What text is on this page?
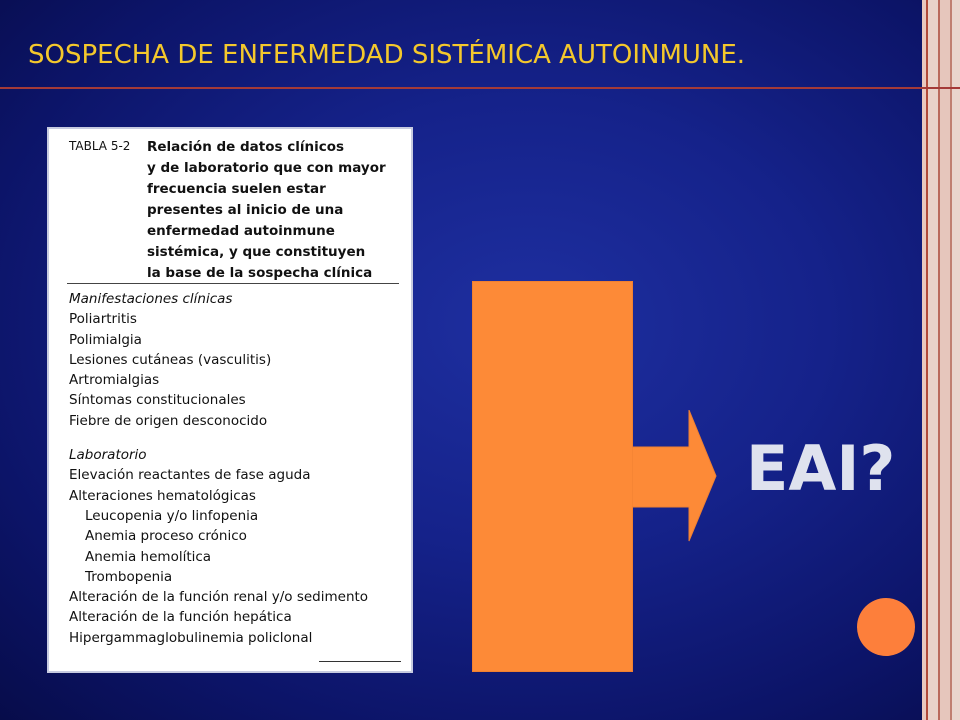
SOSPECHA DE ENFERMEDAD SISTÉMICA AUTOINMUNE.
TABLA 5-2 Relación de datos clínicos
y de laboratorio que con mayor
frecuencia suelen estar
presentes al inicio de una
enfermedad autoinmune
sistémica, y que constituyen
la base de la sospecha clínica
Manifestaciones clínicas
Poliartritis
Polimialgia
Lesiones cutáneas (vasculitis)
Artromialgias
Síntomas constitucionales
Fiebre de origen desconocido
Laboratorio
Elevación reactantes de fase aguda
Alteraciones hematológicas
Leucopenia y/o linfopenia
Anemia proceso crónico
Anemia hemolítica
Trombopenia
Alteración de la función renal y/o sedimento
Alteración de la función hepática
Hipergammaglobulinemia policlonal
EAI?
